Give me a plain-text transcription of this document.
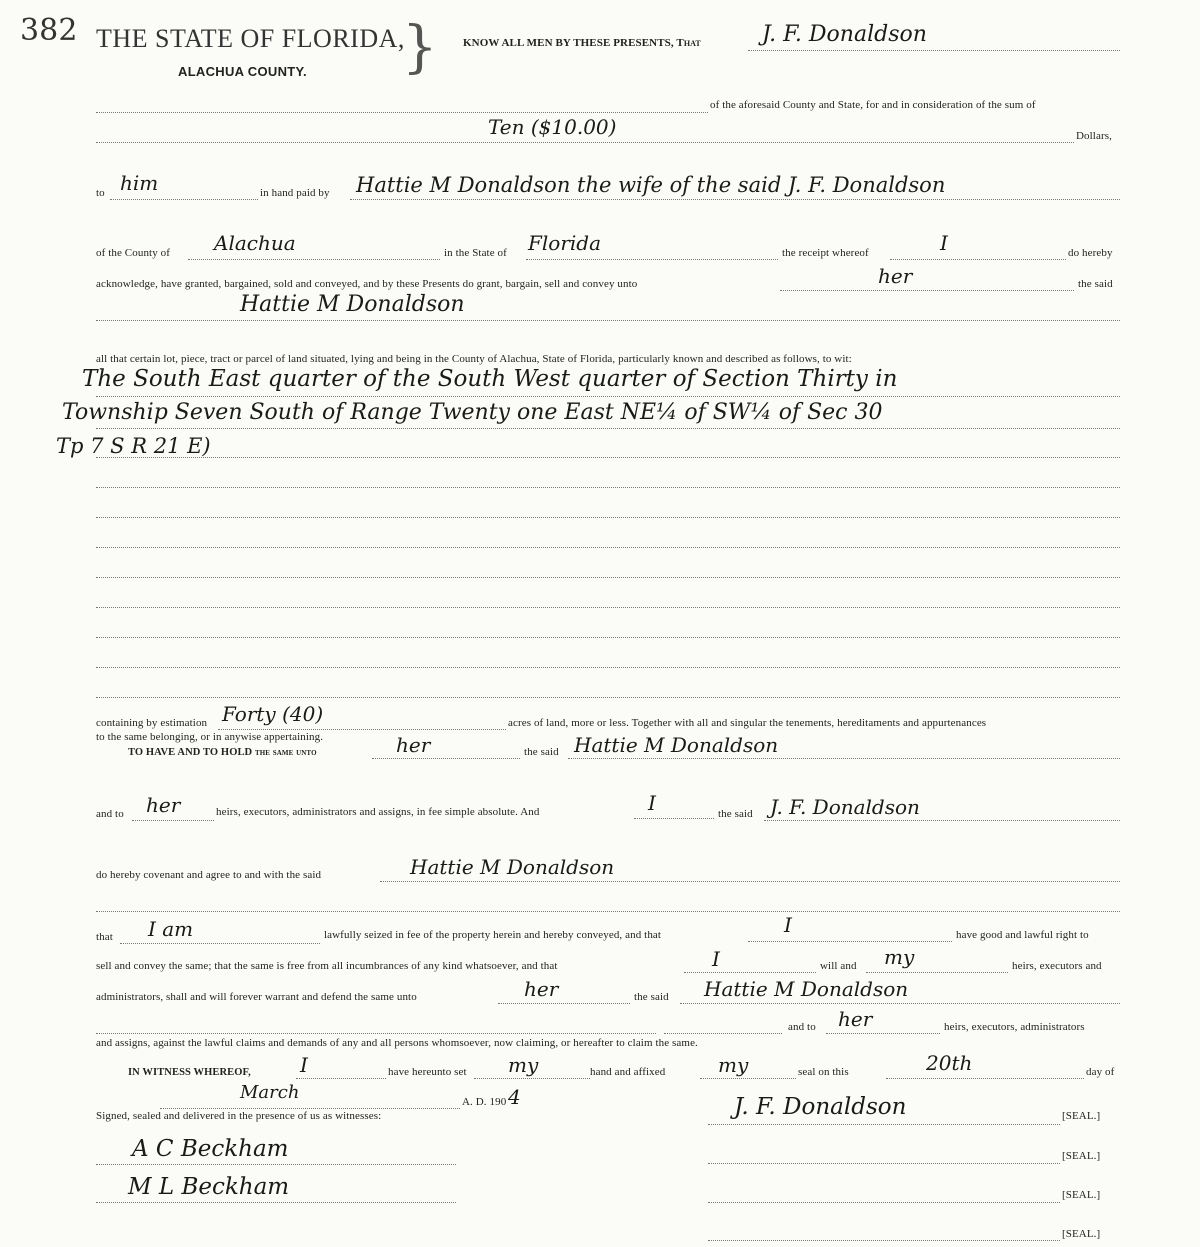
382 THE STATE OF FLORIDA,
}
ALACHUA COUNTY.
KNOW ALL MEN BY THESE PRESENTS, That	J. F. Donaldson
of the aforesaid County and State, for and in consideration of the sum of
Ten ($10.00)	Dollars,
to him	in hand paid by Hattie M Donaldson the wife of the said J. F. Donaldson
of the County of Alachua	in the State of Florida	the receipt whereof	I	do hereby
acknowledge, have granted, bargained, sold and conveyed, and by these Presents do grant, bargain, sell and convey unto	her	the said
Hattie M Donaldson
all that certain lot, piece, tract or parcel of land situated, lying and being in the County of Alachua, State of Florida, particularly known and described as follows, to wit:
The South East quarter of the South West quarter of Section Thirty in
Township Seven South of Range Twenty one East NE¼ of SW¼ of Sec 30
Tp 7 S R 21 E)
containing by estimation Forty (40)	acres of land, more or less. Together with all and singular the tenements, hereditaments and appurtenances
to the same belonging, or in anywise appertaining.
TO HAVE AND TO HOLD the same unto	her	the said Hattie M Donaldson
and to her	heirs, executors, administrators and assigns, in fee simple absolute. And	I	the said J. F. Donaldson
do hereby covenant and agree to and with the said	Hattie M Donaldson
that I am	lawfully seized in fee of the property herein and hereby conveyed, and that	I	have good and lawful right to
sell and convey the same; that the same is free from all incumbrances of any kind whatsoever, and that	I	will and my	heirs, executors and
administrators, shall and will forever warrant and defend the same unto	her	the said Hattie M Donaldson
and to her	heirs, executors, administrators
and assigns, against the lawful claims and demands of any and all persons whomsoever, now claiming, or hereafter to claim the same.
IN WITNESS WHEREOF, I	have hereunto set my	hand and affixed	my	seal on this	20th	day of
March	A. D. 190 4
Signed, sealed and delivered in the presence of us as witnesses:
A C Beckham
M L Beckham
J. F. Donaldson	[SEAL.]
[SEAL.]
[SEAL.]
[SEAL.]
